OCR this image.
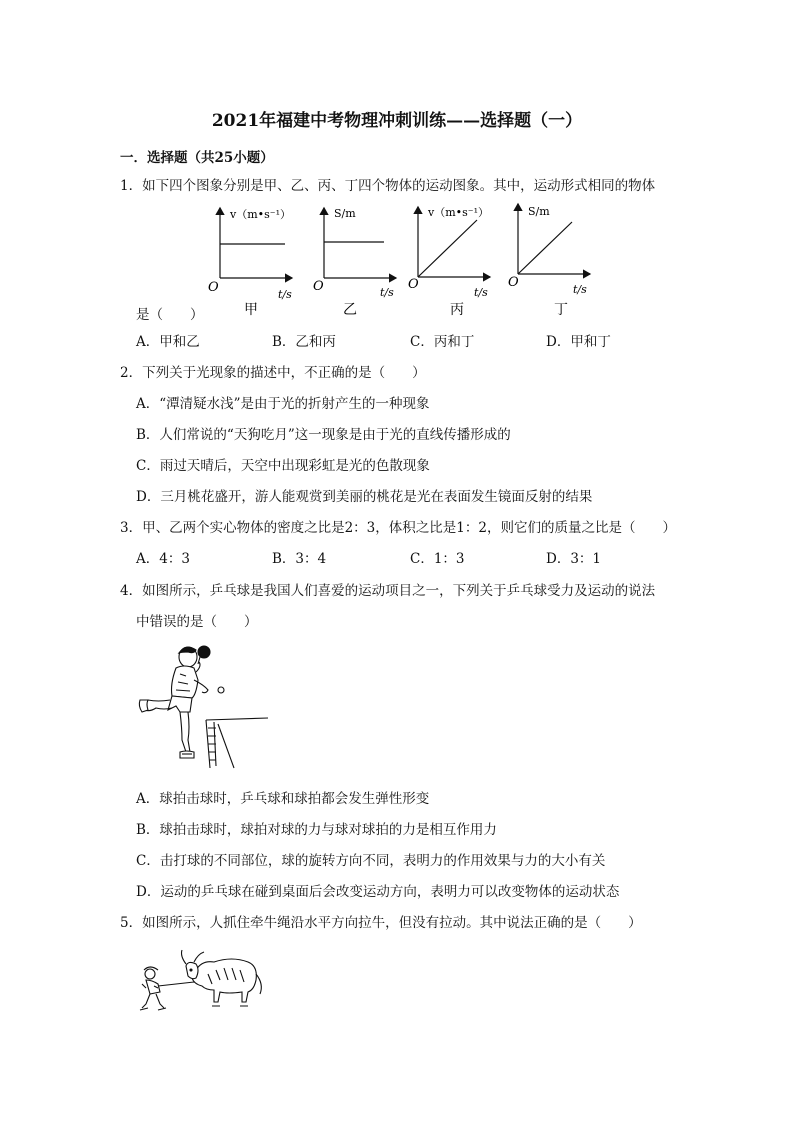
2021年福建中考物理冲刺训练——选择题（一）
一．选择题（共25小题）
1．如下四个图象分别是甲、乙、丙、丁四个物体的运动图象。其中，运动形式相同的物体
v（m•s⁻¹）
O	t/s
甲
S/m
O	t/s
乙
v（m•s⁻¹）
O
t/s
丙
S/m
O	t/s
丁
是（　　）
A．甲和乙	B．乙和丙	C．丙和丁	D．甲和丁
2．下列关于光现象的描述中，不正确的是（　　）
A．“潭清疑水浅”是由于光的折射产生的一种现象
B．人们常说的“天狗吃月”这一现象是由于光的直线传播形成的
C．雨过天晴后，天空中出现彩虹是光的色散现象
D．三月桃花盛开，游人能观赏到美丽的桃花是光在表面发生镜面反射的结果
3．甲、乙两个实心物体的密度之比是2：3，体积之比是1：2，则它们的质量之比是（　　）
A．4：3	B．3：4	C．1：3	D．3：1
4．如图所示，乒乓球是我国人们喜爱的运动项目之一，下列关于乒乓球受力及运动的说法
中错误的是（　　）
A．球拍击球时，乒乓球和球拍都会发生弹性形变
B．球拍击球时，球拍对球的力与球对球拍的力是相互作用力
C．击打球的不同部位，球的旋转方向不同，表明力的作用效果与力的大小有关
D．运动的乒乓球在碰到桌面后会改变运动方向，表明力可以改变物体的运动状态
5．如图所示，人抓住牵牛绳沿水平方向拉牛，但没有拉动。其中说法正确的是（　　）
